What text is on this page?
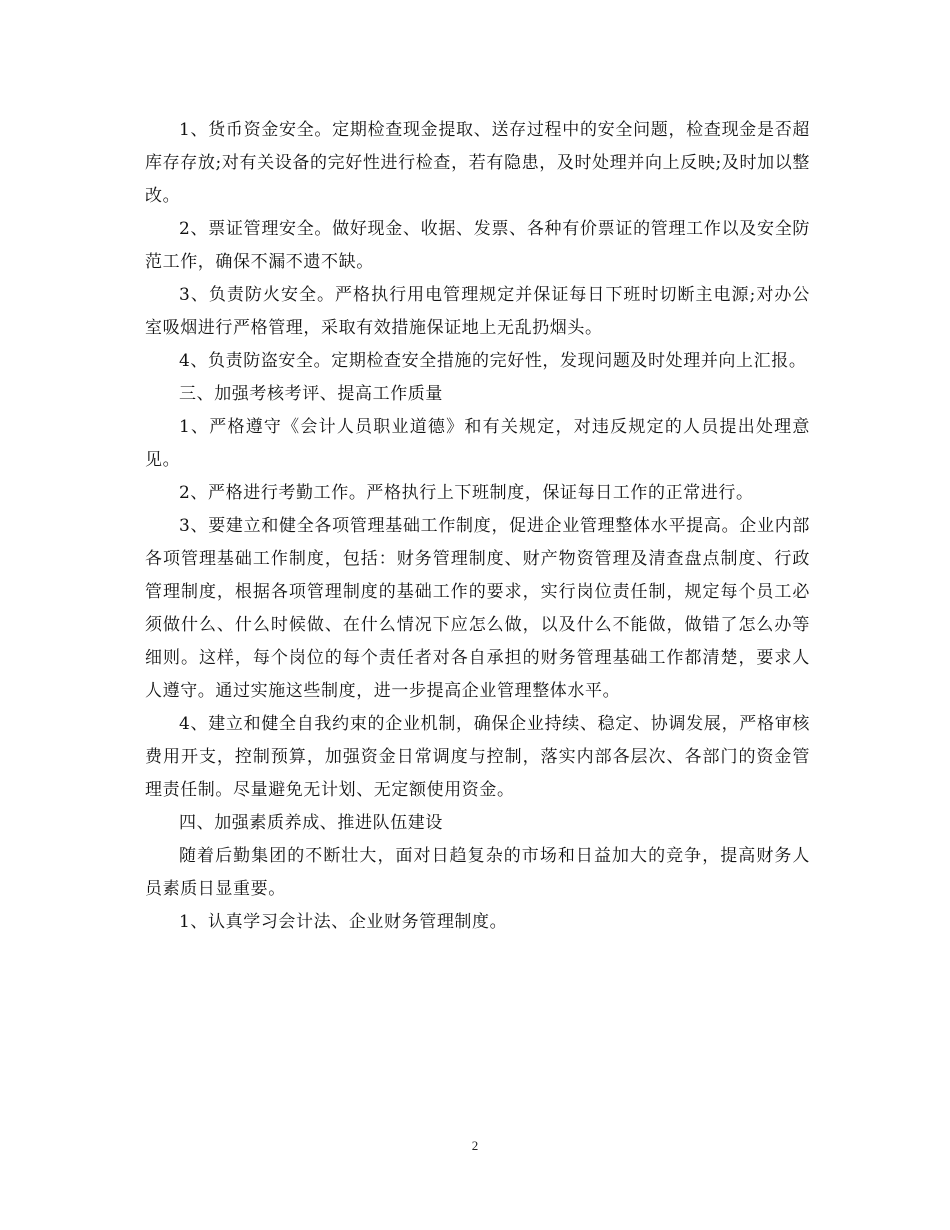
1、货币资金安全。定期检查现金提取、送存过程中的安全问题，检查现金是否超库存存放;对有关设备的完好性进行检查，若有隐患，及时处理并向上反映;及时加以整改。

2、票证管理安全。做好现金、收据、发票、各种有价票证的管理工作以及安全防范工作，确保不漏不遗不缺。

3、负责防火安全。严格执行用电管理规定并保证每日下班时切断主电源;对办公室吸烟进行严格管理，采取有效措施保证地上无乱扔烟头。

4、负责防盗安全。定期检查安全措施的完好性，发现问题及时处理并向上汇报。

三、加强考核考评、提高工作质量

1、严格遵守《会计人员职业道德》和有关规定，对违反规定的人员提出处理意见。

2、严格进行考勤工作。严格执行上下班制度，保证每日工作的正常进行。

3、要建立和健全各项管理基础工作制度，促进企业管理整体水平提高。企业内部各项管理基础工作制度，包括：财务管理制度、财产物资管理及清查盘点制度、行政管理制度，根据各项管理制度的基础工作的要求，实行岗位责任制，规定每个员工必须做什么、什么时候做、在什么情况下应怎么做，以及什么不能做，做错了怎么办等细则。这样，每个岗位的每个责任者对各自承担的财务管理基础工作都清楚，要求人人遵守。通过实施这些制度，进一步提高企业管理整体水平。

4、建立和健全自我约束的企业机制，确保企业持续、稳定、协调发展，严格审核费用开支，控制预算，加强资金日常调度与控制，落实内部各层次、各部门的资金管理责任制。尽量避免无计划、无定额使用资金。

四、加强素质养成、推进队伍建设

随着后勤集团的不断壮大，面对日趋复杂的市场和日益加大的竞争，提高财务人员素质日显重要。

1、认真学习会计法、企业财务管理制度。

2
